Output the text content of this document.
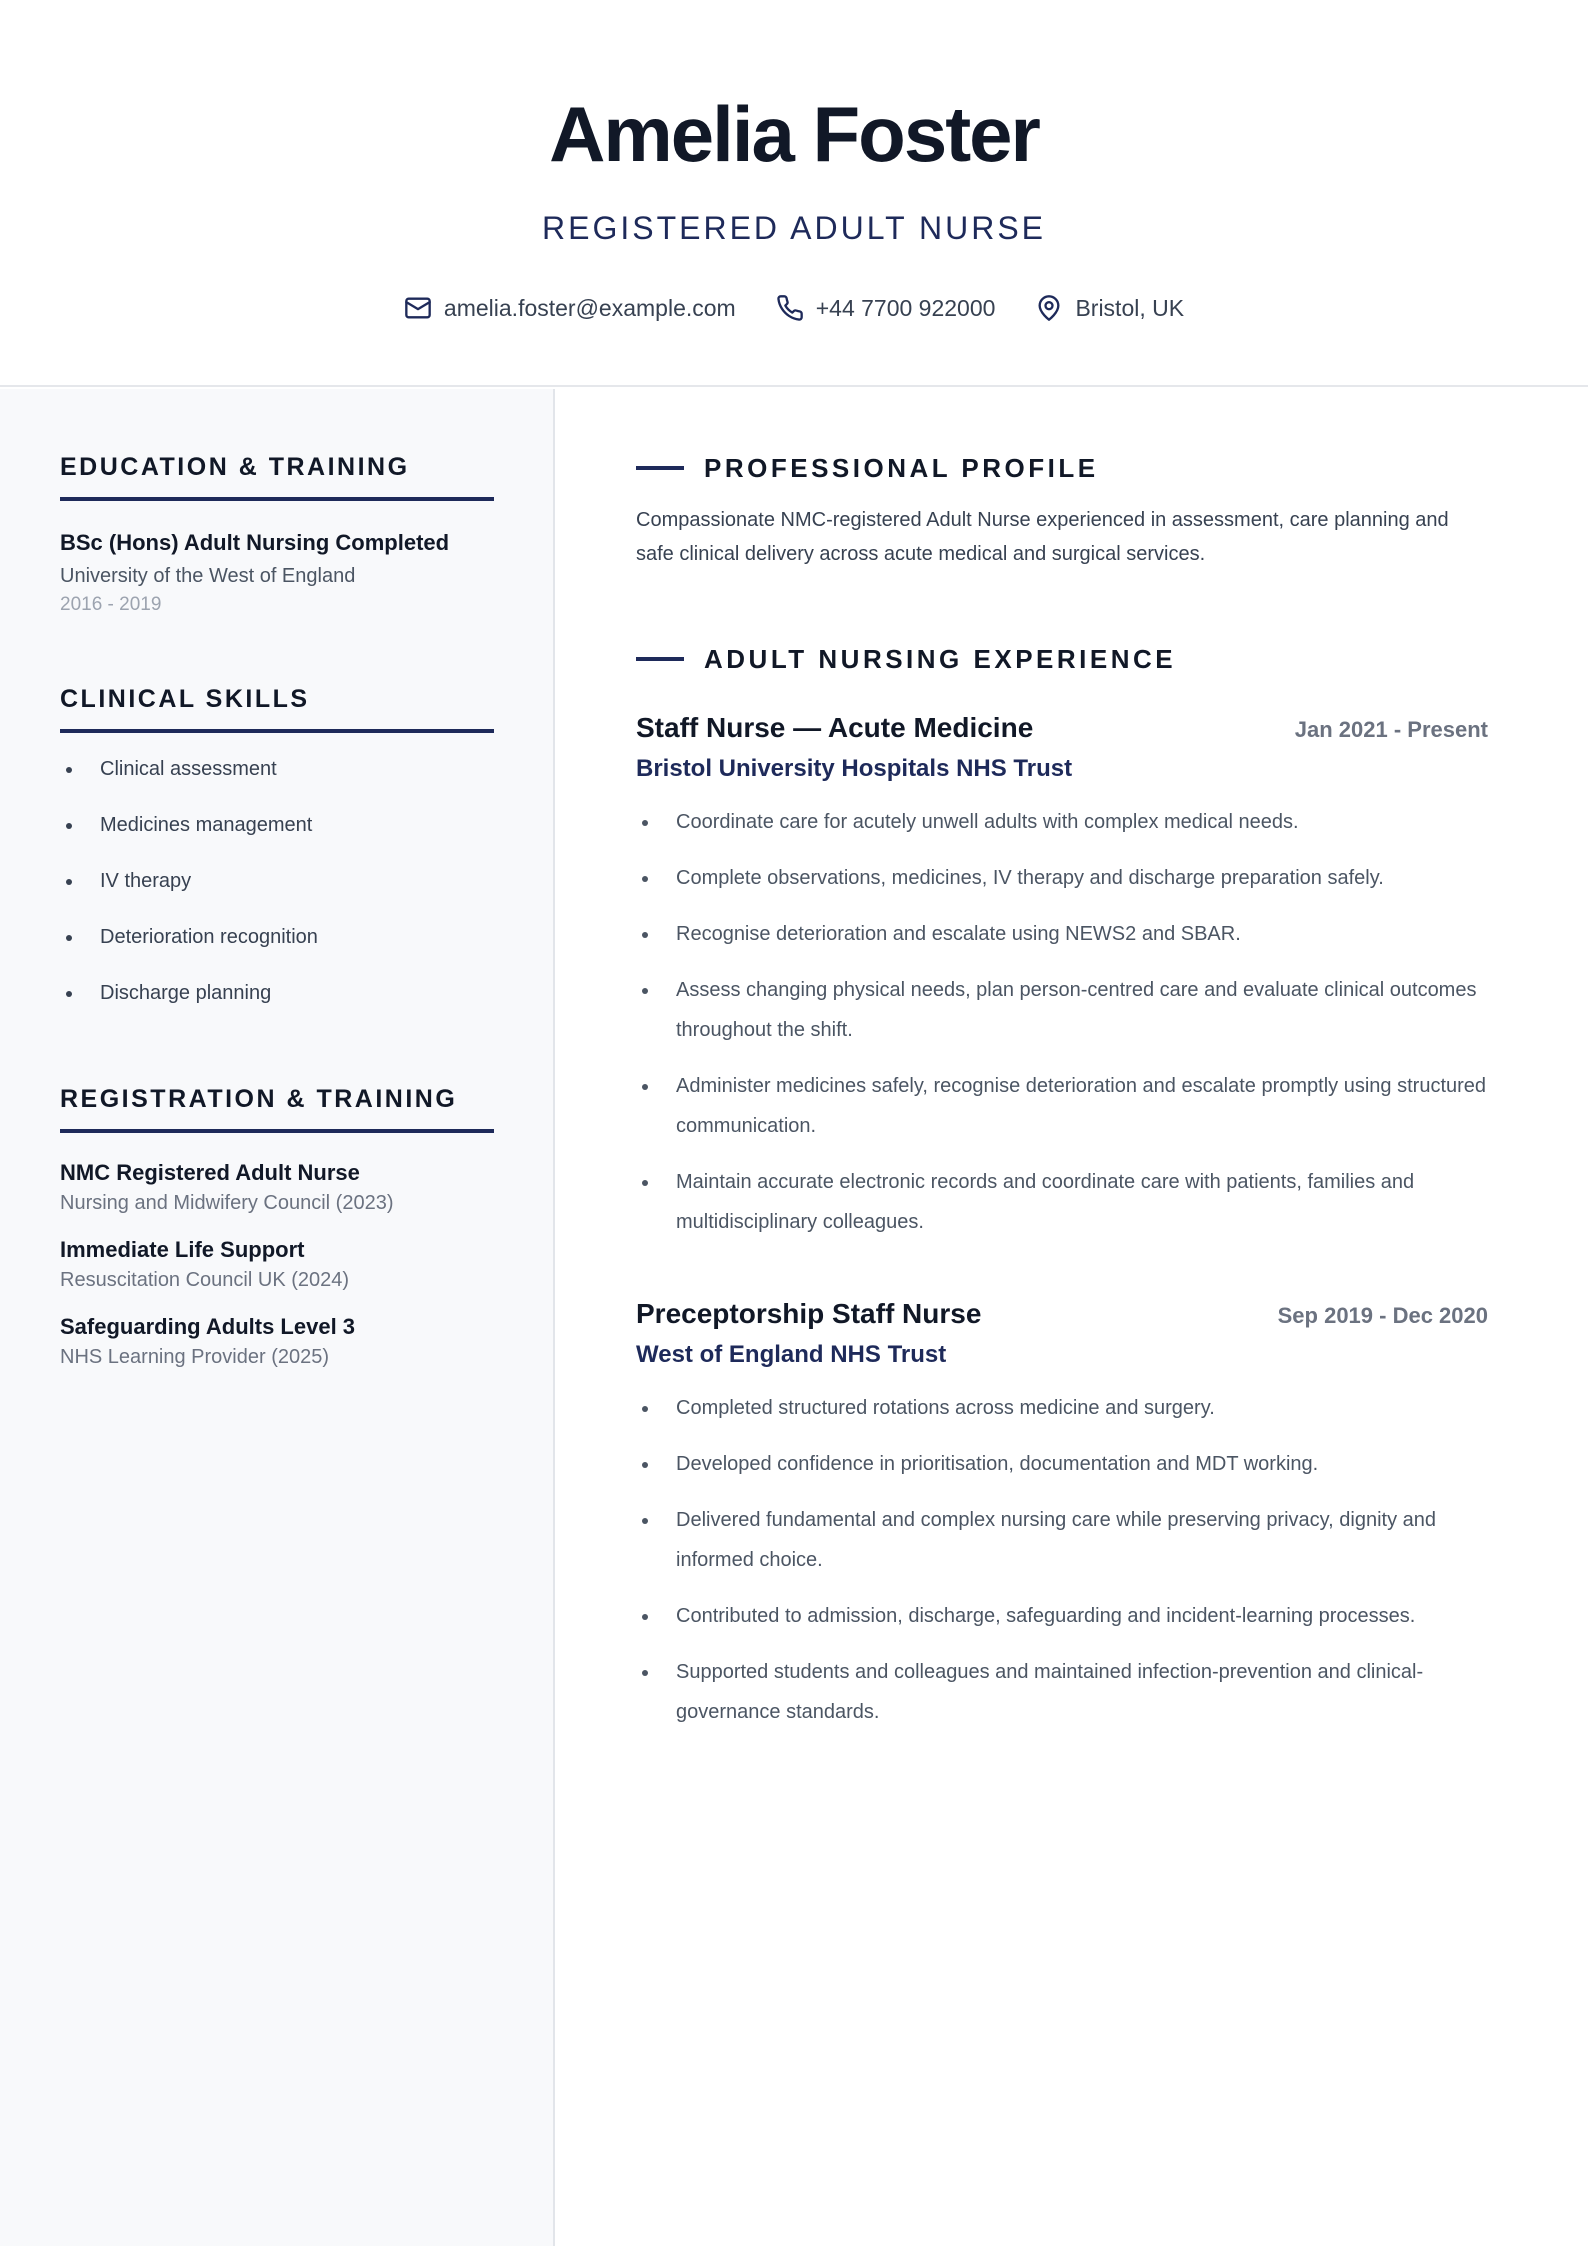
Amelia Foster
REGISTERED ADULT NURSE
amelia.foster@example.com	+44 7700 922000	Bristol, UK
EDUCATION & TRAINING
BSc (Hons) Adult Nursing Completed
University of the West of England
2016 - 2019
CLINICAL SKILLS
Clinical assessment
Medicines management
IV therapy
Deterioration recognition
Discharge planning
REGISTRATION & TRAINING
NMC Registered Adult Nurse
Nursing and Midwifery Council (2023)
Immediate Life Support
Resuscitation Council UK (2024)
Safeguarding Adults Level 3
NHS Learning Provider (2025)
PROFESSIONAL PROFILE
Compassionate NMC-registered Adult Nurse experienced in assessment, care planning and safe clinical delivery across acute medical and surgical services.
ADULT NURSING EXPERIENCE
Staff Nurse — Acute Medicine	Jan 2021 - Present
Bristol University Hospitals NHS Trust
Coordinate care for acutely unwell adults with complex medical needs.
Complete observations, medicines, IV therapy and discharge preparation safely.
Recognise deterioration and escalate using NEWS2 and SBAR.
Assess changing physical needs, plan person-centred care and evaluate clinical outcomes throughout the shift.
Administer medicines safely, recognise deterioration and escalate promptly using structured communication.
Maintain accurate electronic records and coordinate care with patients, families and multidisciplinary colleagues.
Preceptorship Staff Nurse	Sep 2019 - Dec 2020
West of England NHS Trust
Completed structured rotations across medicine and surgery.
Developed confidence in prioritisation, documentation and MDT working.
Delivered fundamental and complex nursing care while preserving privacy, dignity and informed choice.
Contributed to admission, discharge, safeguarding and incident-learning processes.
Supported students and colleagues and maintained infection-prevention and clinical-governance standards.
